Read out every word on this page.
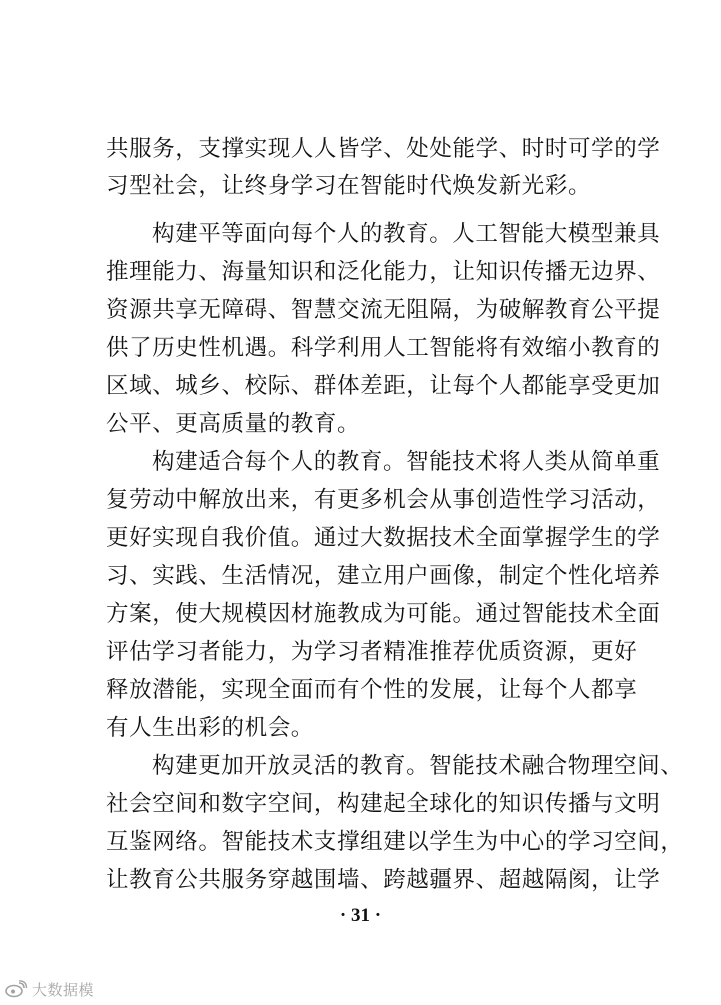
共服务，支撑实现人人皆学、处处能学、时时可学的学
习型社会，让终身学习在智能时代焕发新光彩。
构建平等面向每个人的教育。人工智能大模型兼具
推理能力、海量知识和泛化能力，让知识传播无边界、
资源共享无障碍、智慧交流无阻隔，为破解教育公平提
供了历史性机遇。科学利用人工智能将有效缩小教育的
区域、城乡、校际、群体差距，让每个人都能享受更加
公平、更高质量的教育。
构建适合每个人的教育。智能技术将人类从简单重
复劳动中解放出来，有更多机会从事创造性学习活动，
更好实现自我价值。通过大数据技术全面掌握学生的学
习、实践、生活情况，建立用户画像，制定个性化培养
方案，使大规模因材施教成为可能。通过智能技术全面
评估学习者能力，为学习者精准推荐优质资源，更好
释放潜能，实现全面而有个性的发展，让每个人都享
有人生出彩的机会。
构建更加开放灵活的教育。智能技术融合物理空间、
社会空间和数字空间，构建起全球化的知识传播与文明
互鉴网络。智能技术支撑组建以学生为中心的学习空间，
让教育公共服务穿越围墙、跨越疆界、超越隔阂，让学
· 31 ·
大数据模
